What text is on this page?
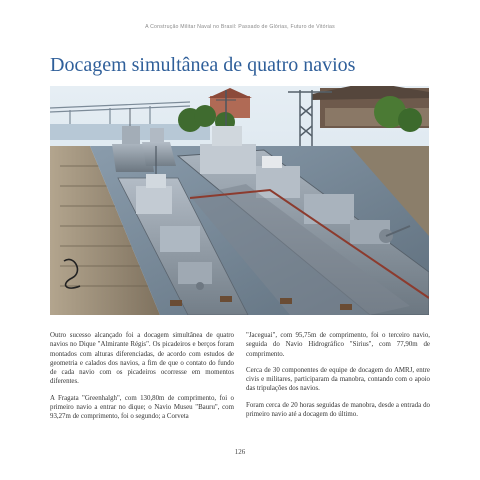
A Construção Militar Naval no Brasil: Passado de Glórias, Futuro de Vitórias
Docagem simultânea de quatro navios

Outro sucesso alcançado foi a docagem simultânea de quatro navios no Dique "Almirante Régis". Os picadeiros e berços foram montados com alturas diferenciadas, de acordo com estudos de geometria e calados dos navios, a fim de que o contato do fundo de cada navio com os picadeiros ocorresse em momentos diferentes.

A Fragata "Greenhalgh", com 130,80m de comprimento, foi o primeiro navio a entrar no dique; o Navio Museu "Bauru", com 93,27m de comprimento, foi o segundo; a Corveta

"Jaceguai", com 95,75m de comprimento, foi o terceiro navio, seguida do Navio Hidrográfico "Sirius", com 77,90m de comprimento.

Cerca de 30 componentes de equipe de docagem do AMRJ, entre civis e militares, participaram da manobra, contando com o apoio das tripulações dos navios.

Foram cerca de 20 horas seguidas de manobra, desde a entrada do primeiro navio até a docagem do último.

126
